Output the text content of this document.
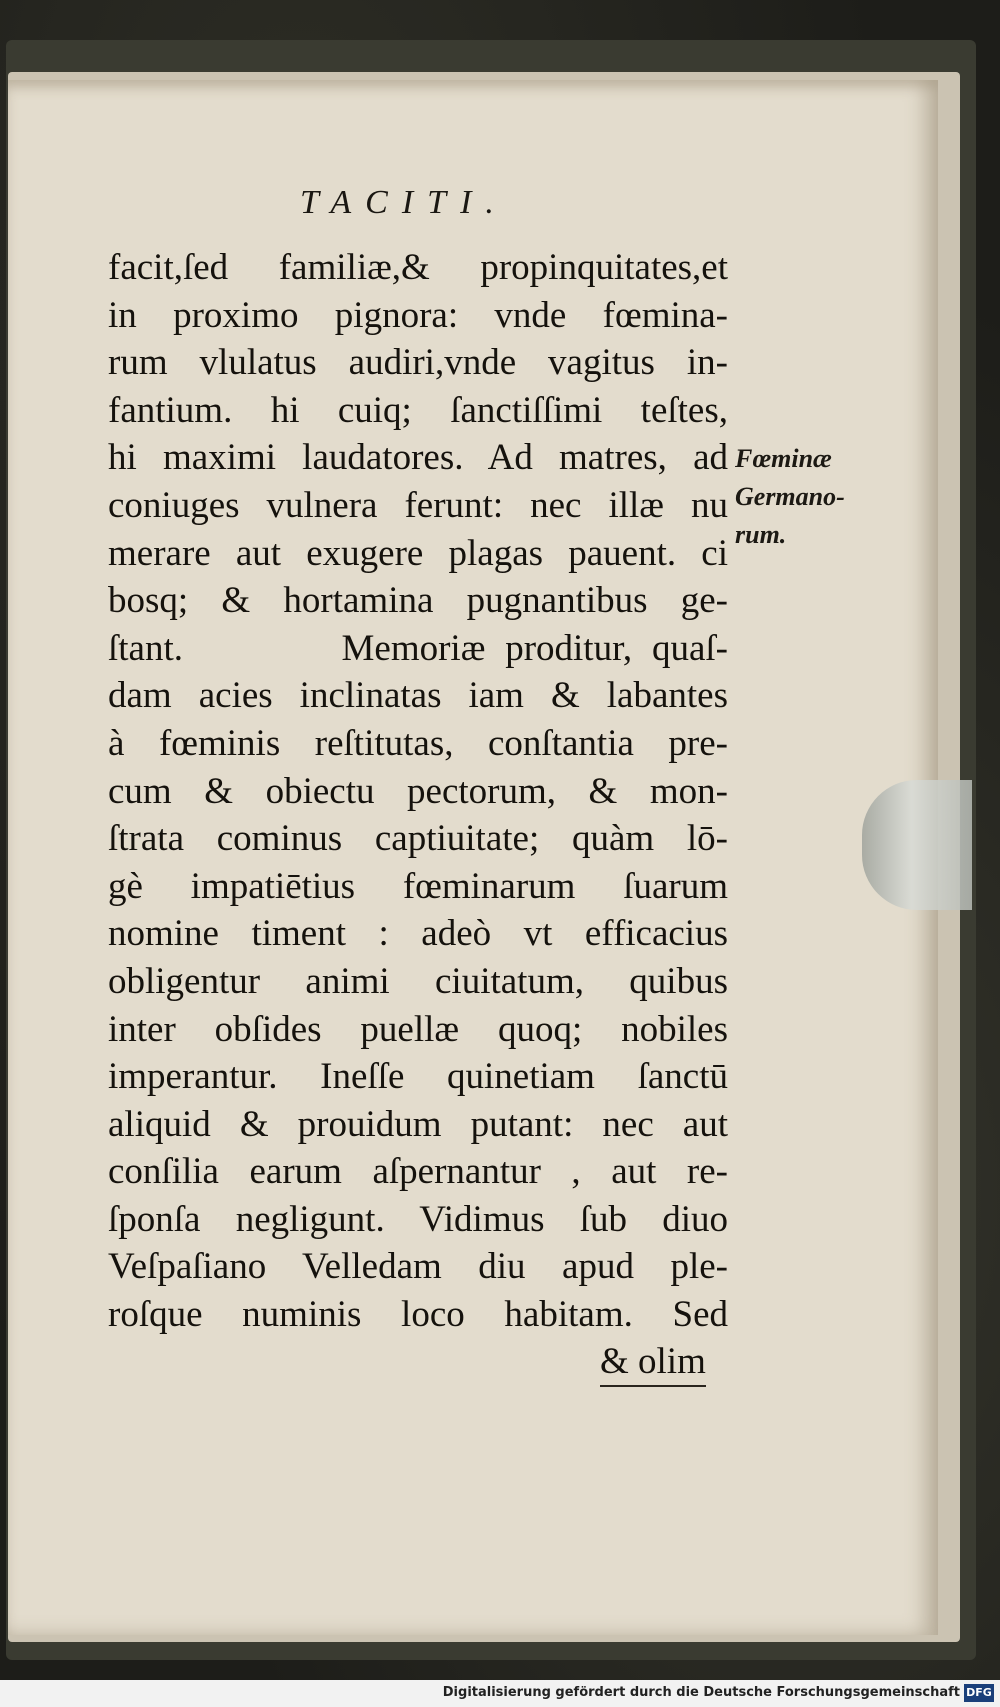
TACITI.
facit,ſed familiæ,& propinquitates,et
in proximo pignora: vnde fœmina-
rum vlulatus audiri,vnde vagitus in-
fantium. hi cuiq; ſanctiſſimi teſtes,
hi maximi laudatores. Ad matres, ad
coniuges vulnera ferunt: nec illæ nu
merare aut exugere plagas pauent. ci
bosq; & hortamina pugnantibus ge-
ſtant.        Memoriæ proditur, quaſ-
dam acies inclinatas iam & labantes
à fœminis reſtitutas, conſtantia pre-
cum & obiectu pectorum, & mon-
ſtrata cominus captiuitate; quàm lō-
gè impatiētius fœminarum ſuarum
nomine timent : adeò vt efficacius
obligentur animi ciuitatum, quibus
inter obſides puellæ quoq; nobiles
imperantur. Ineſſe quinetiam ſanctū
aliquid & prouidum putant: nec aut
conſilia earum aſpernantur , aut re-
ſponſa negligunt. Vidimus ſub diuo
Veſpaſiano Velledam diu apud ple-
roſque numinis loco habitam. Sed
& olim
Fœminæ
Germano-
rum.
Digitalisierung gefördert durch die Deutsche Forschungsgemeinschaft DFG
